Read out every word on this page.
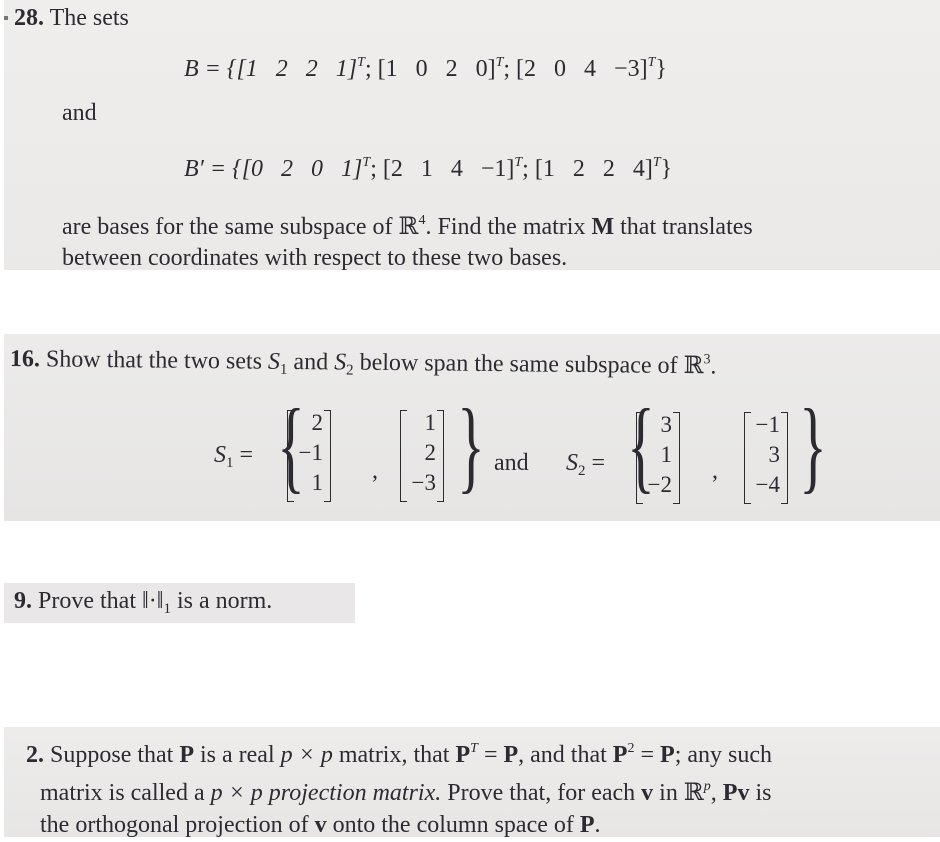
28. The sets
B = {[1   2   2   1]$^T$; [1   0   2   0]$^T$; [2   0   4   −3]$^T$}
and
B′ = {[0   2   0   1]$^T$; [2   1   4   −1]$^T$; [1   2   2   4]$^T$}
are bases for the same subspace of ℝ$^4$. Find the matrix M that translates
between coordinates with respect to these two bases.
16. Show that the two sets $S_1$ and $S_2$ below span the same subspace of ℝ$^3$.
$S_1$ = { 2
−1
1 ,
1
2
−3 } and $S_2$ = { 3
1
−2
,
−1
3
−4 }
9. Prove that $‖\cdot‖_1$ is a norm.
2. Suppose that P is a real p × p matrix, that $P^T = P$, and that $P^2 = P$; any such
matrix is called a p × p projection matrix. Prove that, for each v in ℝ$^p$, Pv is
the orthogonal projection of v onto the column space of P.
